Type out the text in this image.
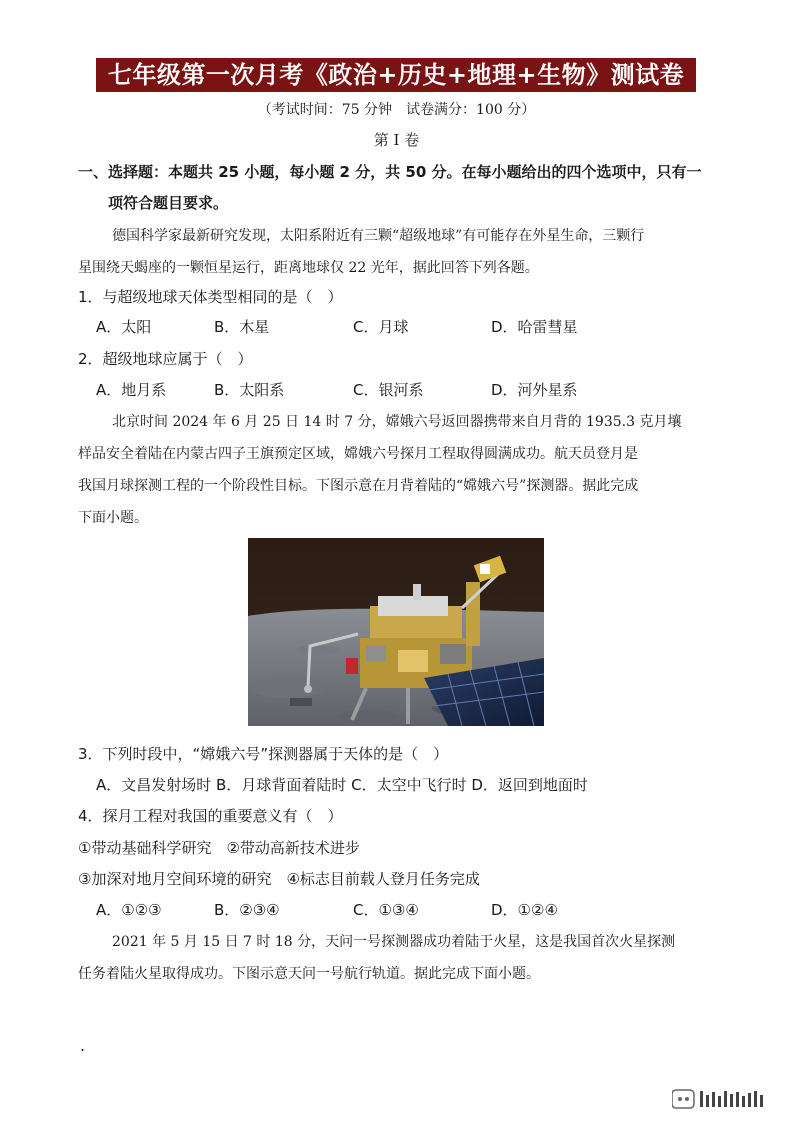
七年级第一次月考《政治+历史+地理+生物》测试卷
（考试时间：75 分钟　试卷满分：100 分）
第 I 卷
一、选择题：本题共 25 小题，每小题 2 分，共 50 分。在每小题给出的四个选项中，只有一
项符合题目要求。
德国科学家最新研究发现，太阳系附近有三颗“超级地球”有可能存在外星生命，三颗行
星围绕天蝎座的一颗恒星运行，距离地球仅 22 光年，据此回答下列各题。
1．与超级地球天体类型相同的是（　）
A．太阳	B．木星	C．月球	D．哈雷彗星
2．超级地球应属于（　）
A．地月系	B．太阳系	C．银河系	D．河外星系
北京时间 2024 年 6 月 25 日 14 时 7 分，嫦娥六号返回器携带来自月背的 1935.3 克月壤
样品安全着陆在内蒙古四子王旗预定区域，嫦娥六号探月工程取得圆满成功。航天员登月是
我国月球探测工程的一个阶段性目标。下图示意在月背着陆的“嫦娥六号”探测器。据此完成
下面小题。
3．下列时段中，“嫦娥六号”探测器属于天体的是（　）
A．文昌发射场时 B．月球背面着陆时 C．太空中飞行时 D．返回到地面时
4．探月工程对我国的重要意义有（　）
①带动基础科学研究　②带动高新技术进步
③加深对地月空间环境的研究　④标志目前载人登月任务完成
A．①②③	B．②③④	C．①③④	D．①②④
2021 年 5 月 15 日 7 时 18 分，天问一号探测器成功着陆于火星，这是我国首次火星探测
任务着陆火星取得成功。下图示意天问一号航行轨道。据此完成下面小题。
.
